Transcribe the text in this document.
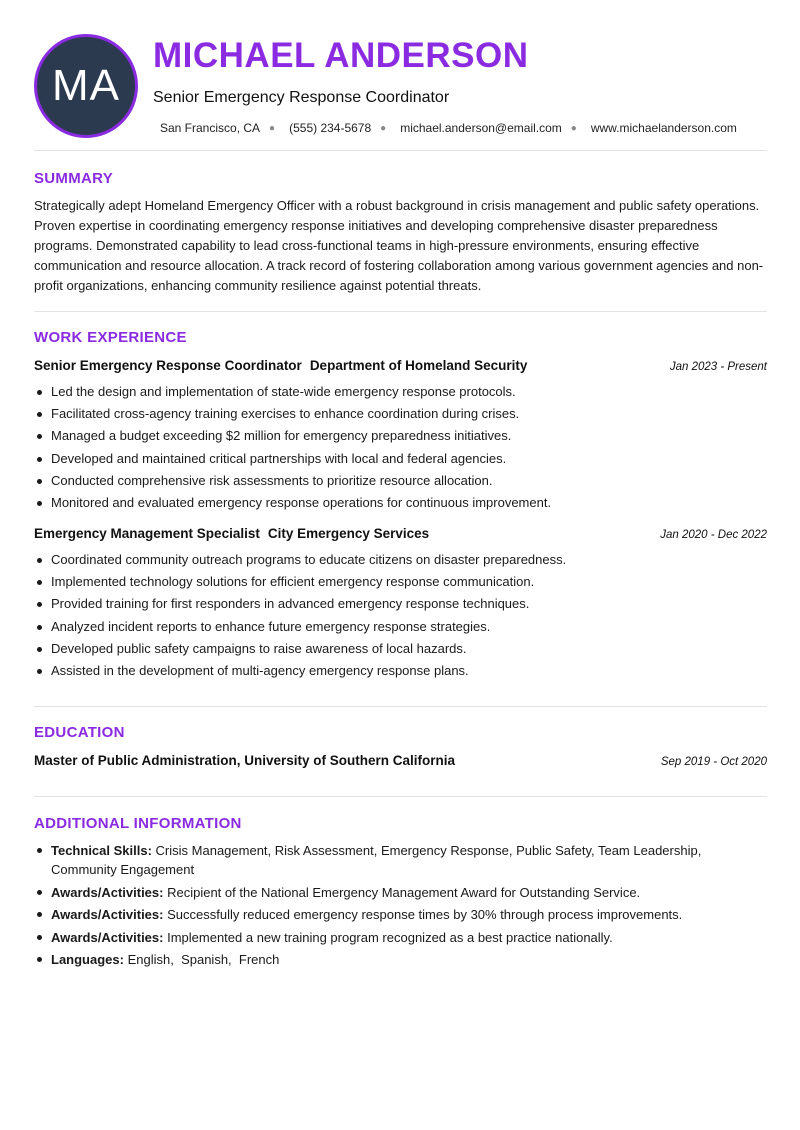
MA
MICHAEL ANDERSON
Senior Emergency Response Coordinator
San Francisco, CA ● (555) 234-5678 ● michael.anderson@email.com ● www.michaelanderson.com
SUMMARY

Strategically adept Homeland Emergency Officer with a robust background in crisis management and public safety operations. Proven expertise in coordinating emergency response initiatives and developing comprehensive disaster preparedness programs. Demonstrated capability to lead cross-functional teams in high-pressure environments, ensuring effective communication and resource allocation. A track record of fostering collaboration among various government agencies and non-profit organizations, enhancing community resilience against potential threats.

WORK EXPERIENCE
Senior Emergency Response Coordinator Department of Homeland Security	Jan 2023 - Present
Led the design and implementation of state-wide emergency response protocols.
Facilitated cross-agency training exercises to enhance coordination during crises.
Managed a budget exceeding $2 million for emergency preparedness initiatives.
Developed and maintained critical partnerships with local and federal agencies.
Conducted comprehensive risk assessments to prioritize resource allocation.
Monitored and evaluated emergency response operations for continuous improvement.
Emergency Management Specialist City Emergency Services	Jan 2020 - Dec 2022
Coordinated community outreach programs to educate citizens on disaster preparedness.
Implemented technology solutions for efficient emergency response communication.
Provided training for first responders in advanced emergency response techniques.
Analyzed incident reports to enhance future emergency response strategies.
Developed public safety campaigns to raise awareness of local hazards.
Assisted in the development of multi-agency emergency response plans.
EDUCATION
Master of Public Administration, University of Southern California	Sep 2019 - Oct 2020
ADDITIONAL INFORMATION
Technical Skills: Crisis Management, Risk Assessment, Emergency Response, Public Safety, Team Leadership, Community Engagement
Awards/Activities: Recipient of the National Emergency Management Award for Outstanding Service.
Awards/Activities: Successfully reduced emergency response times by 30% through process improvements.
Awards/Activities: Implemented a new training program recognized as a best practice nationally.
Languages: English,  Spanish,  French
